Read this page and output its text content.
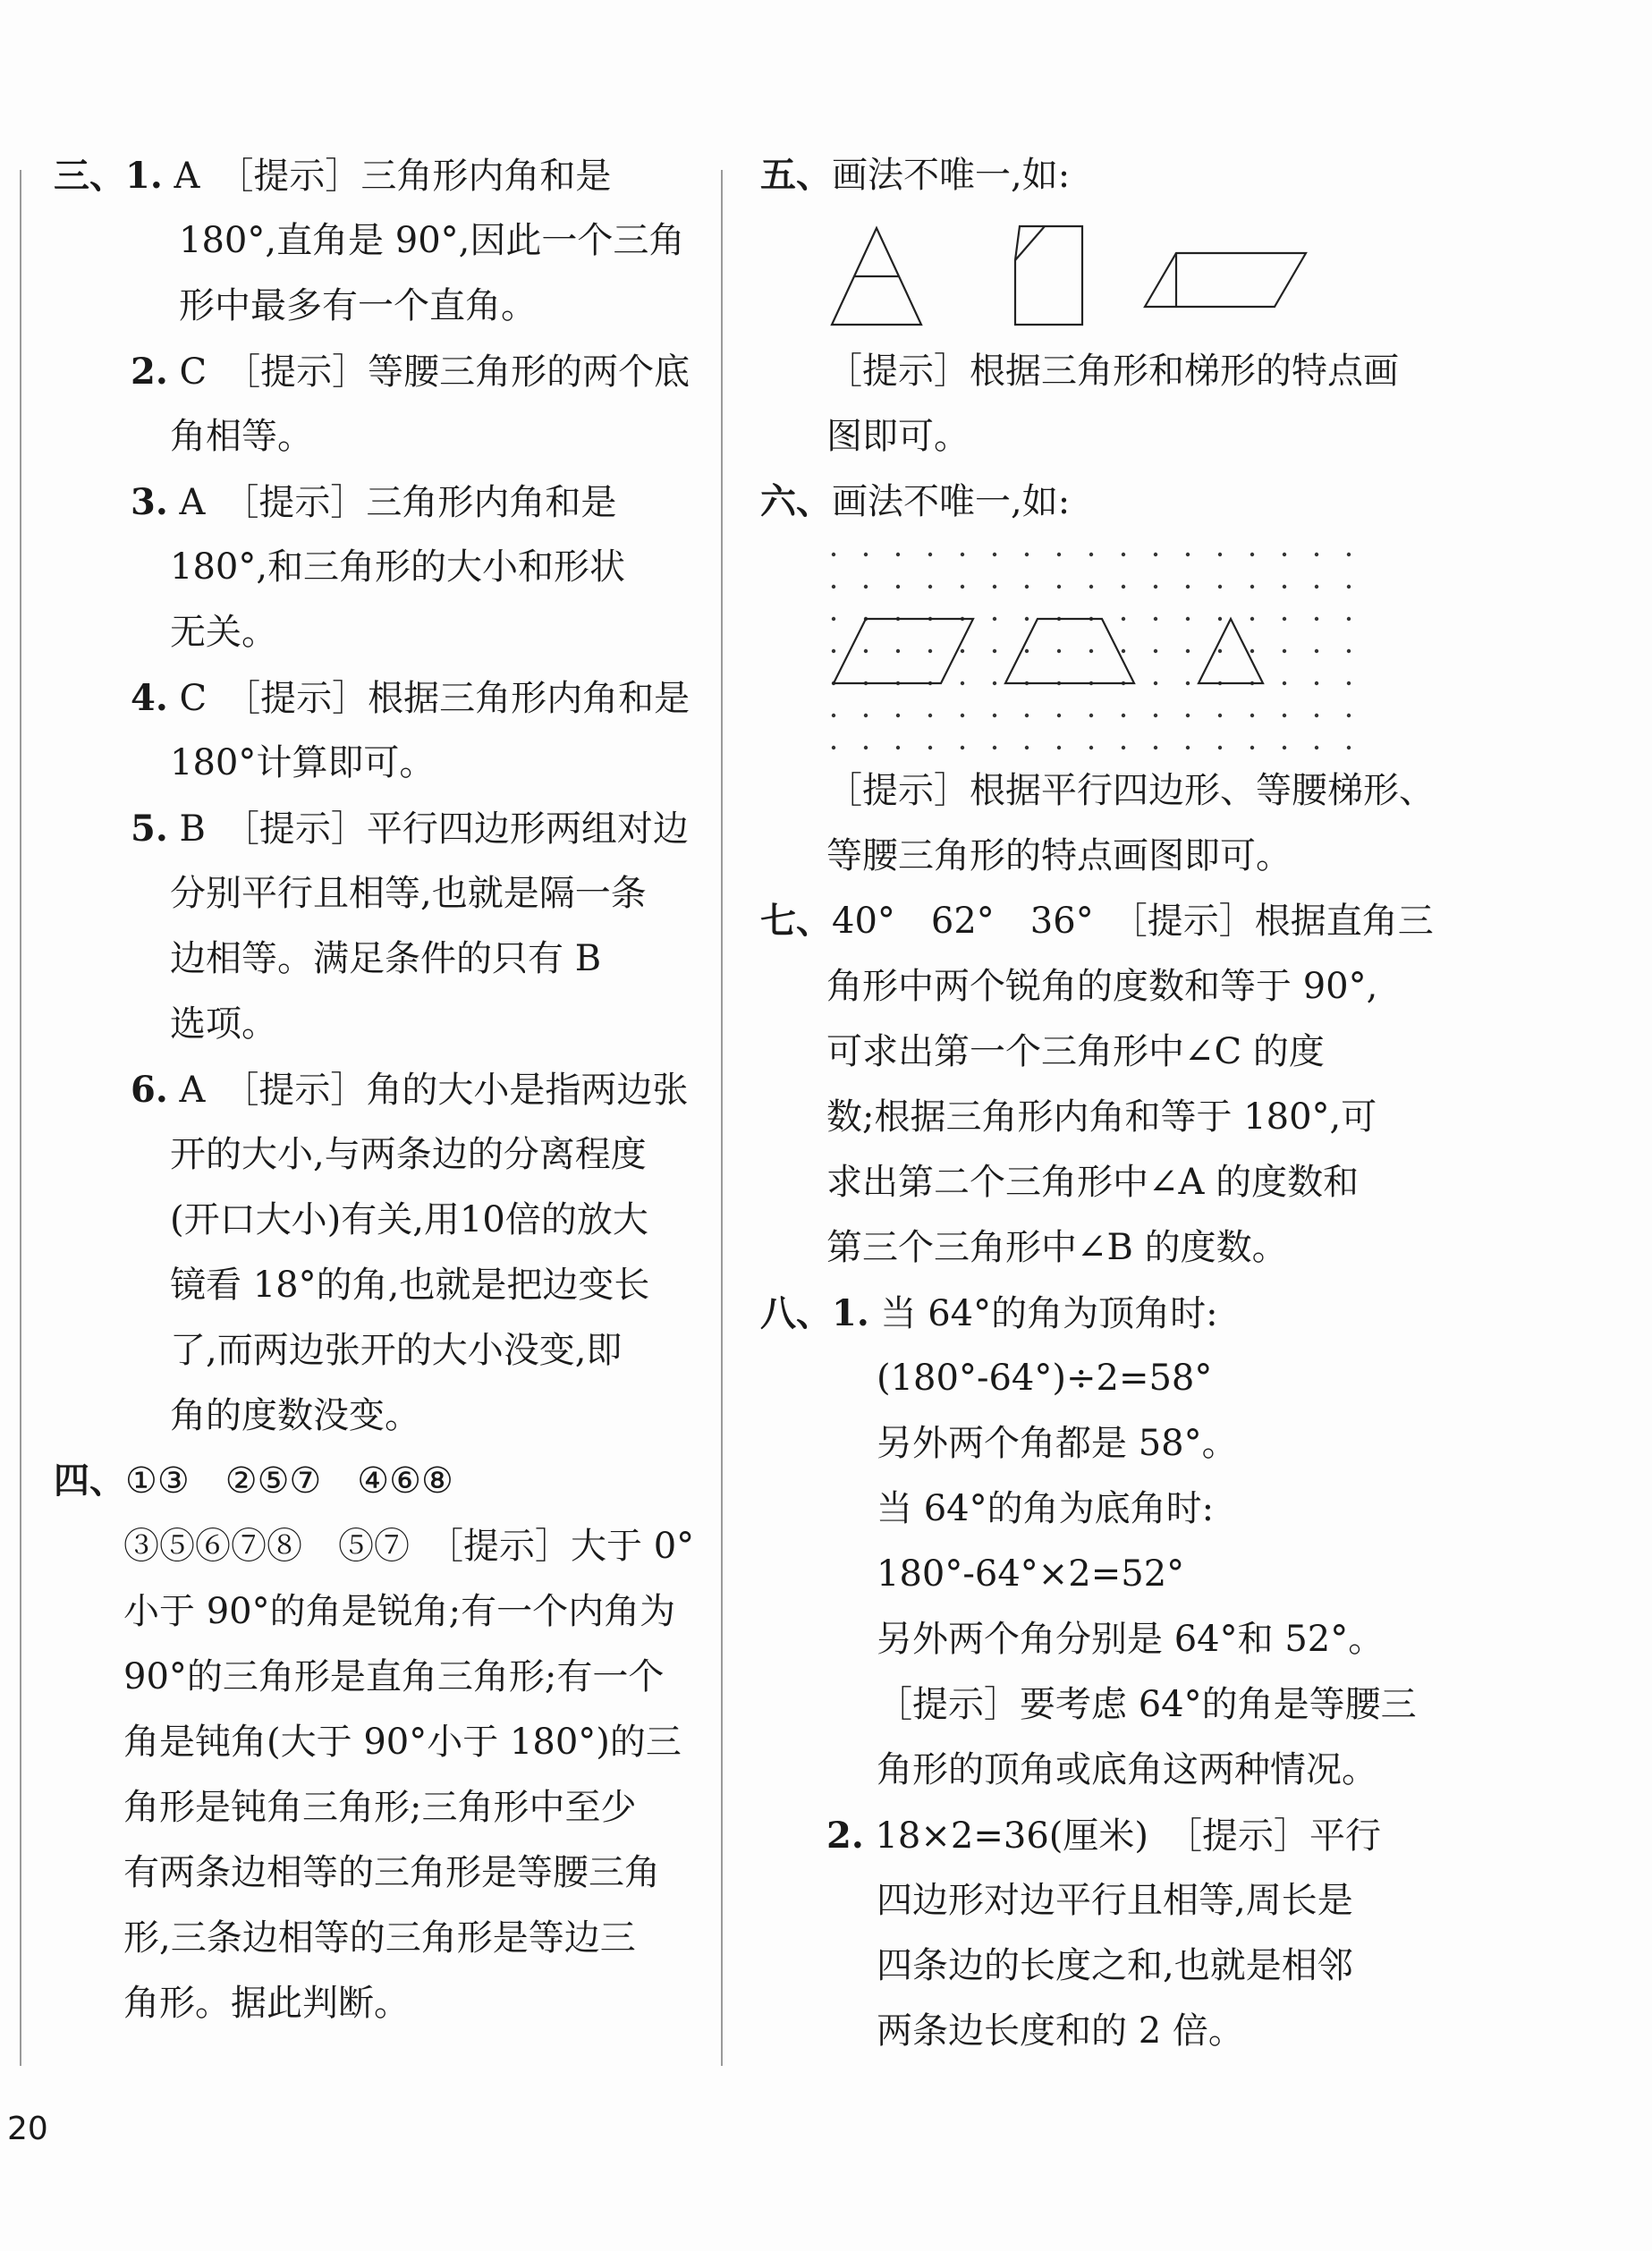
三、1. A　［提示］三角形内角和是
180°,直角是 90°,因此一个三角
形中最多有一个直角。
2. C　［提示］等腰三角形的两个底
角相等。
3. A　［提示］三角形内角和是
180°,和三角形的大小和形状
无关。
4. C　［提示］根据三角形内角和是
180°计算即可。
5. B　［提示］平行四边形两组对边
分别平行且相等,也就是隔一条
边相等。满足条件的只有 B
选项。
6. A　［提示］角的大小是指两边张
开的大小,与两条边的分离程度
(开口大小)有关,用10倍的放大
镜看 18°的角,也就是把边变长
了,而两边张开的大小没变,即
角的度数没变。
四、①③　②⑤⑦　④⑥⑧
③⑤⑥⑦⑧　⑤⑦　［提示］大于 0°
小于 90°的角是锐角;有一个内角为
90°的三角形是直角三角形;有一个
角是钝角(大于 90°小于 180°)的三
角形是钝角三角形;三角形中至少
有两条边相等的三角形是等腰三角
形,三条边相等的三角形是等边三
角形。据此判断。
五、画法不唯一,如:
［提示］根据三角形和梯形的特点画
图即可。
六、画法不唯一,如:
［提示］根据平行四边形、等腰梯形、
等腰三角形的特点画图即可。
七、40°　62°　36°　［提示］根据直角三
角形中两个锐角的度数和等于 90°,
可求出第一个三角形中∠C 的度
数;根据三角形内角和等于 180°,可
求出第二个三角形中∠A 的度数和
第三个三角形中∠B 的度数。
八、1. 当 64°的角为顶角时:
(180°-64°)÷2=58°
另外两个角都是 58°。
当 64°的角为底角时:
180°-64°×2=52°
另外两个角分别是 64°和 52°。
［提示］要考虑 64°的角是等腰三
角形的顶角或底角这两种情况。
2. 18×2=36(厘米)　［提示］平行
四边形对边平行且相等,周长是
四条边的长度之和,也就是相邻
两条边长度和的 2 倍。
20
